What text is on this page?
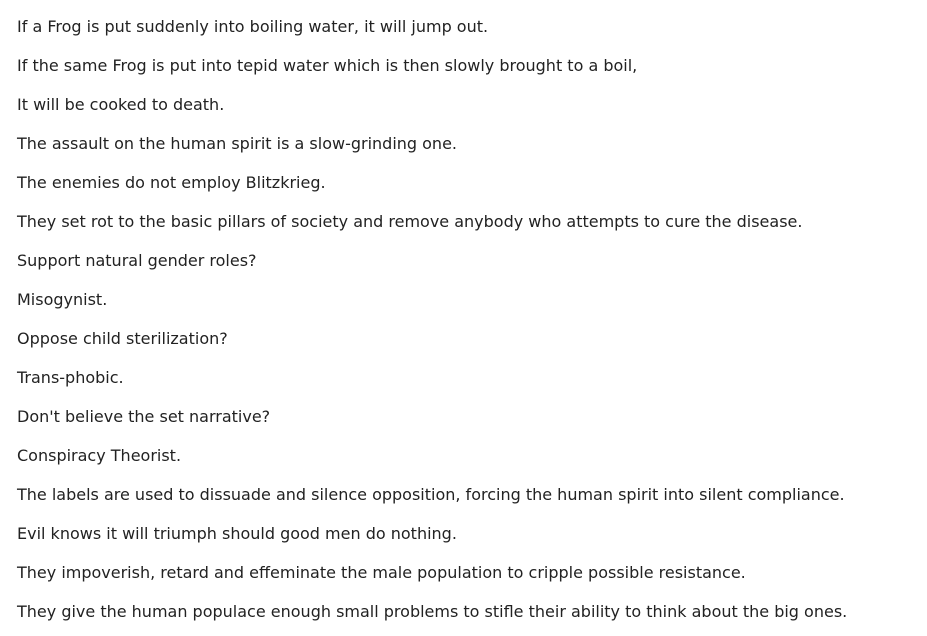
If a Frog is put suddenly into boiling water, it will jump out.

If the same Frog is put into tepid water which is then slowly brought to a boil,

It will be cooked to death.

The assault on the human spirit is a slow-grinding one.

The enemies do not employ Blitzkrieg.

They set rot to the basic pillars of society and remove anybody who attempts to cure the disease.

Support natural gender roles?

Misogynist.

Oppose child sterilization?

Trans-phobic.

Don't believe the set narrative?

Conspiracy Theorist.

The labels are used to dissuade and silence opposition, forcing the human spirit into silent compliance.

Evil knows it will triumph should good men do nothing.

They impoverish, retard and effeminate the male population to cripple possible resistance.

They give the human populace enough small problems to stifle their ability to think about the big ones.
